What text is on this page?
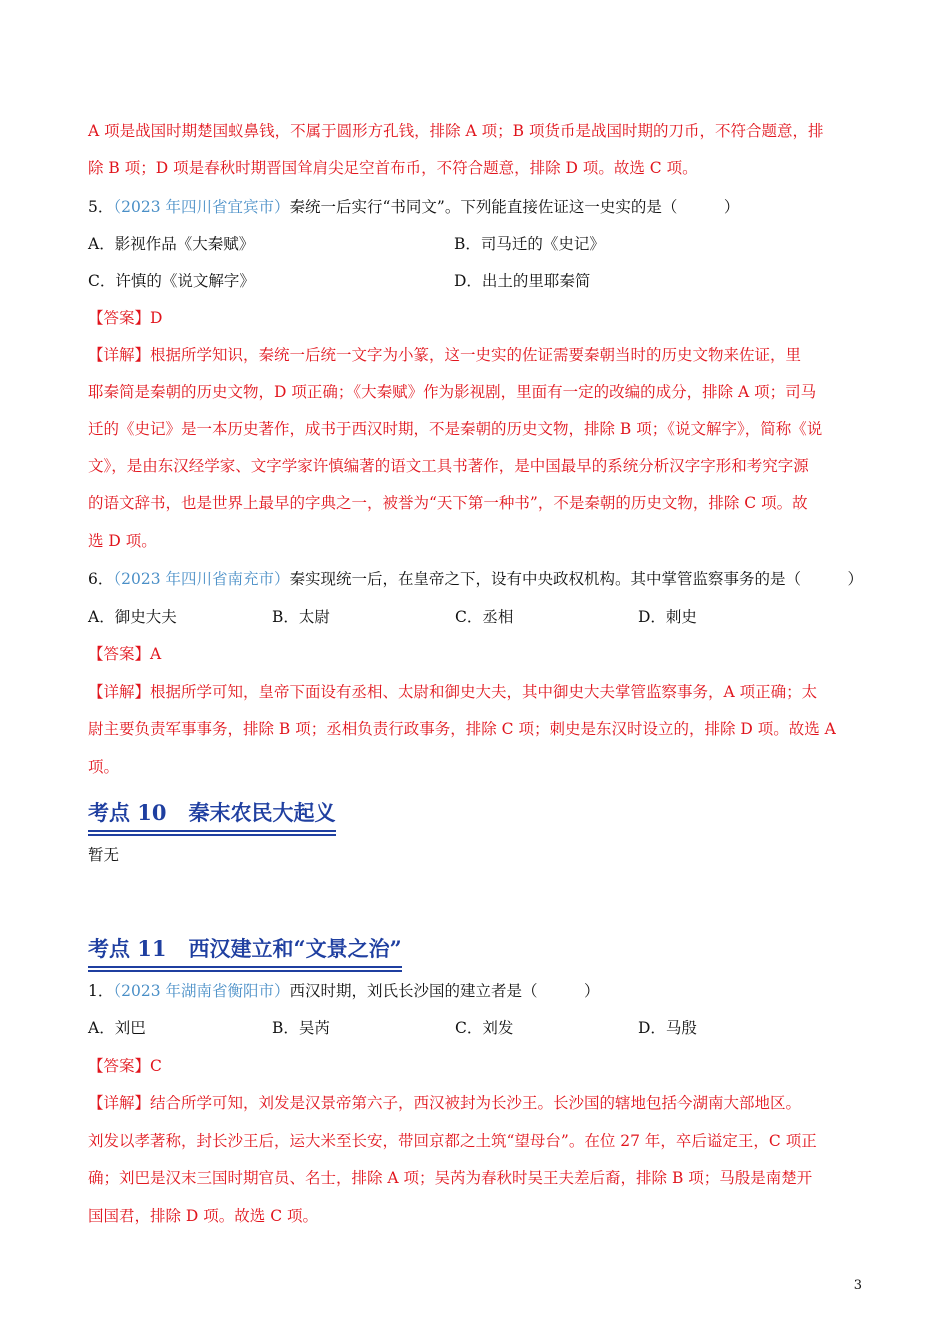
A 项是战国时期楚国蚁鼻钱，不属于圆形方孔钱，排除 A 项；B 项货币是战国时期的刀币，不符合题意，排
除 B 项；D 项是春秋时期晋国耸肩尖足空首布币，不符合题意，排除 D 项。故选 C 项。
5．（2023 年四川省宜宾市）秦统一后实行“书同文”。下列能直接佐证这一史实的是（　　　）
A．影视作品《大秦赋》	B．司马迁的《史记》
C．许慎的《说文解字》	D．出土的里耶秦简
【答案】D
【详解】根据所学知识，秦统一后统一文字为小篆，这一史实的佐证需要秦朝当时的历史文物来佐证，里
耶秦简是秦朝的历史文物，D 项正确；《大秦赋》作为影视剧，里面有一定的改编的成分，排除 A 项；司马
迁的《史记》是一本历史著作，成书于西汉时期，不是秦朝的历史文物，排除 B 项；《说文解字》，简称《说
文》，是由东汉经学家、文字学家许慎编著的语文工具书著作，是中国最早的系统分析汉字字形和考究字源
的语文辞书，也是世界上最早的字典之一，被誉为“天下第一种书”，不是秦朝的历史文物，排除 C 项。故
选 D 项。
6．（2023 年四川省南充市）秦实现统一后，在皇帝之下，设有中央政权机构。其中掌管监察事务的是（　　　）
A．御史大夫	B．太尉	C．丞相	D．刺史
【答案】A
【详解】根据所学可知，皇帝下面设有丞相、太尉和御史大夫，其中御史大夫掌管监察事务，A 项正确；太
尉主要负责军事事务，排除 B 项；丞相负责行政事务，排除 C 项；刺史是东汉时设立的，排除 D 项。故选 A
项。
考点 10 秦末农民大起义
暂无
考点 11 西汉建立和“文景之治”
1．（2023 年湖南省衡阳市）西汉时期，刘氏长沙国的建立者是（　　　）
A．刘巴	B．吴芮	C．刘发	D．马殷
【答案】C
【详解】结合所学可知，刘发是汉景帝第六子，西汉被封为长沙王。长沙国的辖地包括今湖南大部地区。
刘发以孝著称，封长沙王后，运大米至长安，带回京都之土筑“望母台”。在位 27 年，卒后谥定王，C 项正
确；刘巴是汉末三国时期官员、名士，排除 A 项；吴芮为春秋时吴王夫差后裔，排除 B 项；马殷是南楚开
国国君，排除 D 项。故选 C 项。
3
